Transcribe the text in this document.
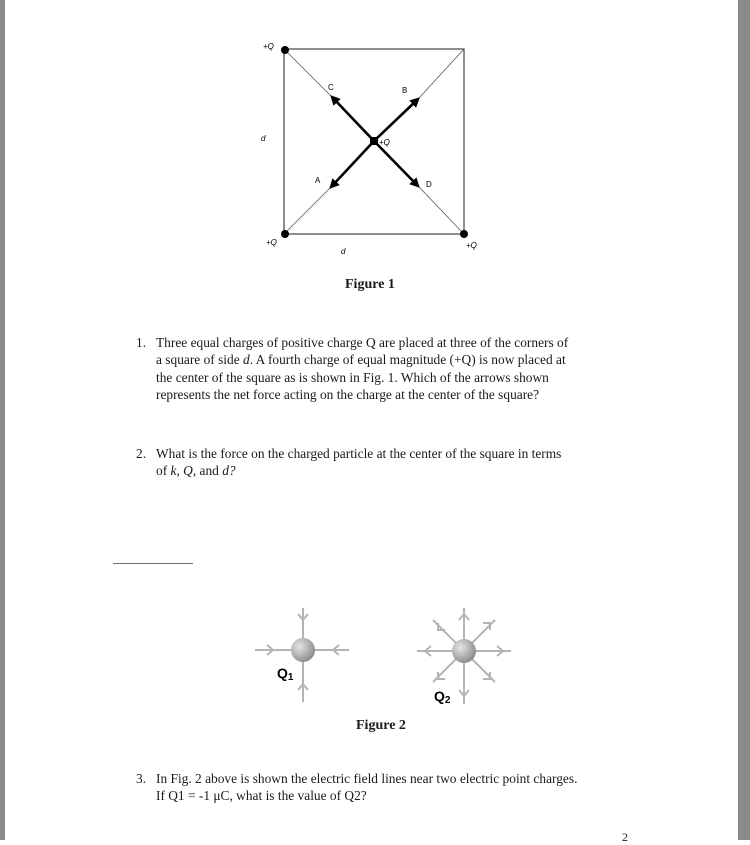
+Q
+Q	+Q
+Q
d
d
C	B
A	D
Figure 1
1. Three equal charges of positive charge Q are placed at three of the corners of
a square of side d. A fourth charge of equal magnitude (+Q) is now placed at
the center of the square as is shown in Fig. 1. Which of the arrows shown
represents the net force acting on the charge at the center of the square?
2. What is the force on the charged particle at the center of the square in terms
of k, Q, and d?
Q1
Q2
Figure 2
3. In Fig. 2 above is shown the electric field lines near two electric point charges.
If Q1 = -1 μC, what is the value of Q2?
2
